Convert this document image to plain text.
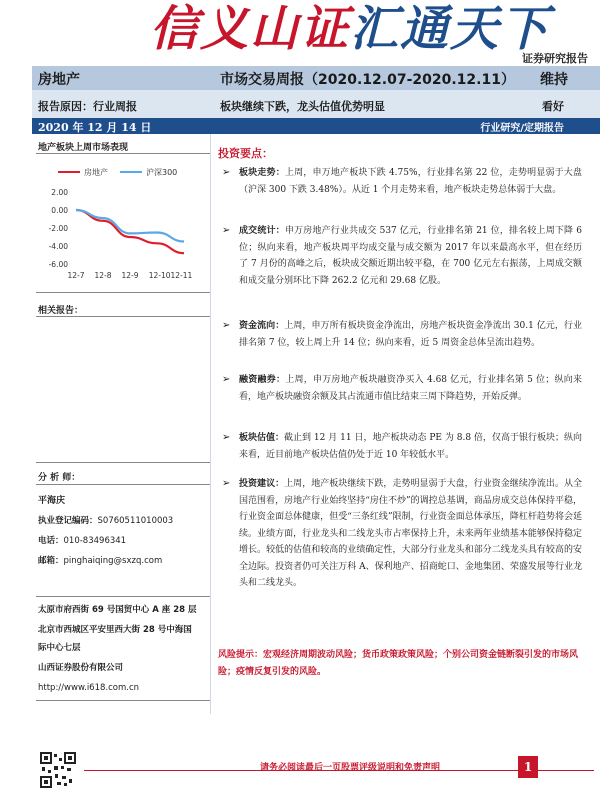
信义山证汇通天下
证券研究报告
房地产	市场交易周报（2020.12.07-2020.12.11） 维持
报告原因：行业周报	板块继续下跌，龙头估值优势明显	看好
2020 年 12 月 14 日	行业研究/定期报告
地产板块上周市场表现
2.00
0.00
-2.00
-4.00
-6.00
12-7 12-8 12-9 12-1012-11
房地产	沪深300
相关报告：
分 析 师：
平海庆
执业登记编码：S0760511010003
电话：010-83496341
邮箱：pinghaiqing@sxzq.com
太原市府西街 69 号国贸中心 A 座 28 层
北京市西城区平安里西大街 28 号中海国
际中心七层
山西证券股份有限公司
http://www.i618.com.cn
投资要点：
➢ 板块走势：上周，申万地产板块下跌 4.75%，行业排名第 22 位，走势明显弱于大盘（沪深 300 下跌 3.48%）。从近 1 个月走势来看，地产板块走势总体弱于大盘。
➢ 成交统计：申万房地产行业共成交 537 亿元，行业排名第 21 位，排名较上周下降 6 位；纵向来看，地产板块周平均成交量与成交额为 2017 年以来最高水平，但在经历了 7 月份的高峰之后，板块成交额近期出较平稳，在 700 亿元左右振荡，上周成交额和成交量分别环比下降 262.2 亿元和 29.68 亿股。
➢ 资金流向：上周，申万所有板块资金净流出，房地产板块资金净流出 30.1 亿元，行业排名第 7 位，较上周上升 14 位；纵向来看，近 5 周资金总体呈流出趋势。
➢ 融资融券：上周，申万房地产板块融资净买入 4.68 亿元，行业排名第 5 位；纵向来看，地产板块融资余额及其占流通市值比结束三周下降趋势，开始反弹。
➢ 板块估值：截止到 12 月 11 日，地产板块动态 PE 为 8.8 倍，仅高于银行板块；纵向来看，近目前地产板块估值仍处于近 10 年较低水平。
➢ 投资建议：上周，地产板块继续下跌，走势明显弱于大盘，行业资金继续净流出。从全国范围看，房地产行业始终坚持“房住不炒”的调控总基调，商品房成交总体保持平稳，行业资金面总体健康，但受“三条红线”限制，行业资金面总体承压，降杠杆趋势将会延续。业绩方面，行业龙头和二线龙头市占率保持上升，未来两年业绩基本能够保持稳定增长。较低的估值和较高的业绩确定性，大部分行业龙头和部分二线龙头具有较高的安全边际。投资者仍可关注万科 A、保利地产、招商蛇口、金地集团、荣盛发展等行业龙头和二线龙头。
风险提示：宏观经济周期波动风险；货币政策政策风险；个别公司资金链断裂引发的市场风险；疫情反复引发的风险。
请务必阅读最后一页股票评级说明和免责声明	1
